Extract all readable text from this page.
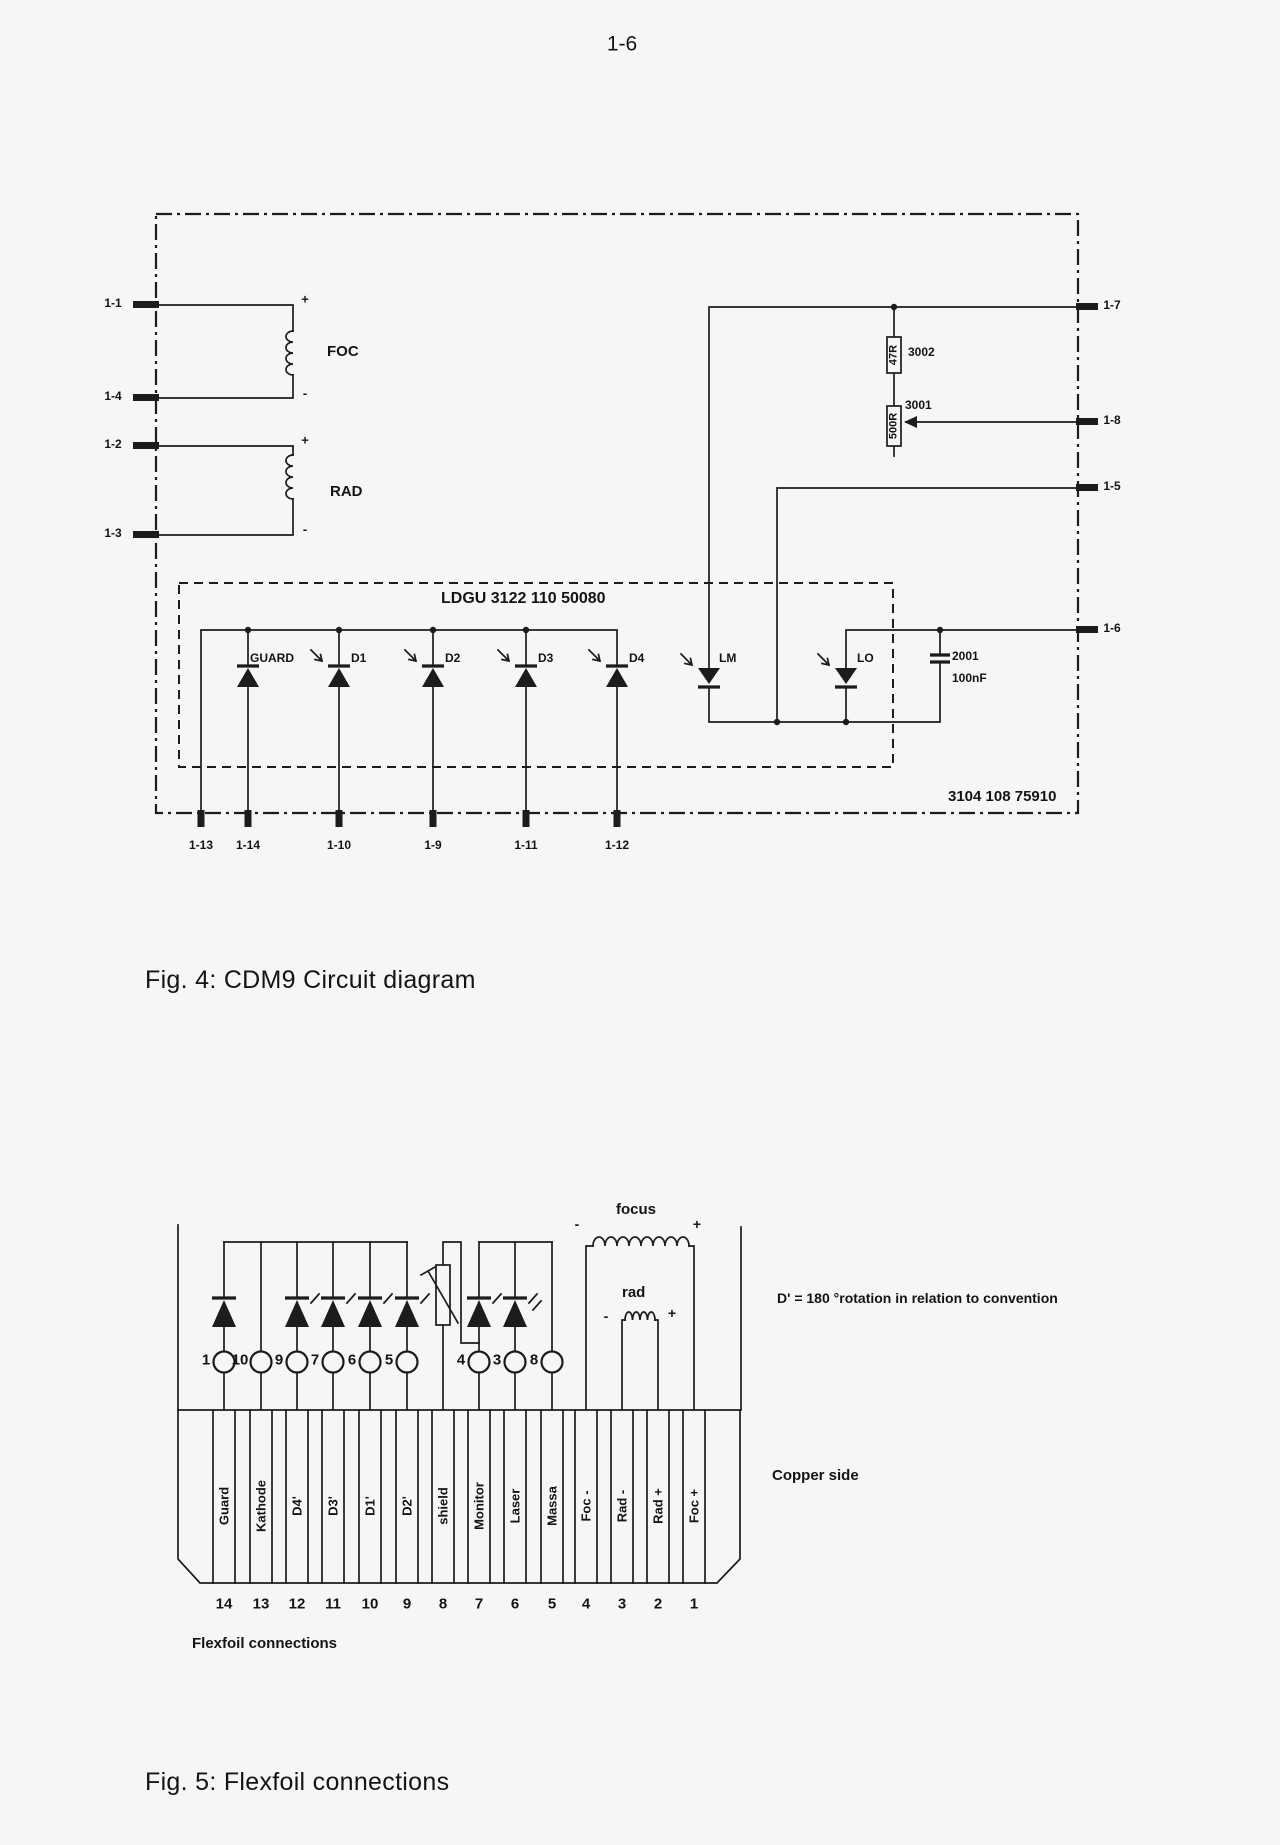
1-6
1-1
1-4
1-2
1-3
1-7
1-8
1-5
1-6
1-13 1-14	1-10	1-9	1-11	1-12
+
-
FOC
+
-
RAD
47R 3002
500R
3001
LDGU 3122 110 50080
GUARD	D1	D2	D3	D4	LM	LO	2001
100nF
3104 108 75910
Fig. 4: CDM9 Circuit diagram
focus
-	+
rad
-	+
D' = 180 °rotation in relation to convention
Copper side
1 10 9 7 6 5	4 3 8
Guard Kathode D4' D3' D1' D2' shield Monitor Laser Massa Foc - Rad - Rad + Foc +
14 13 12 11 10 9 8 7 6 5 4 3 2 1
Flexfoil connections
Fig. 5: Flexfoil connections
